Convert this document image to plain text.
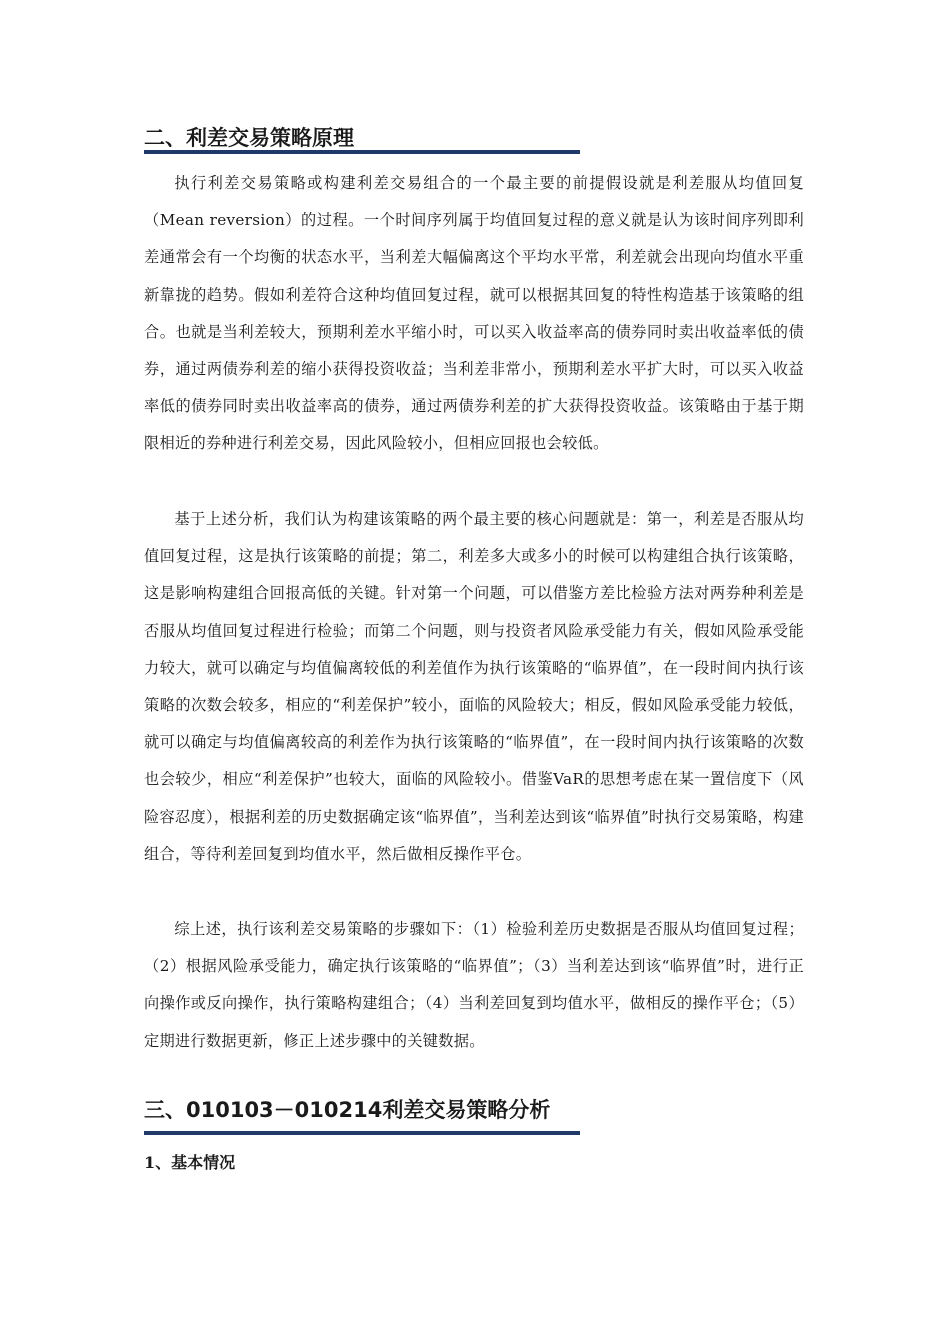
二、利差交易策略原理

执行利差交易策略或构建利差交易组合的一个最主要的前提假设就是利差服从均值回复（Mean reversion）的过程。一个时间序列属于均值回复过程的意义就是认为该时间序列即利差通常会有一个均衡的状态水平，当利差大幅偏离这个平均水平常，利差就会出现向均值水平重新靠拢的趋势。假如利差符合这种均值回复过程，就可以根据其回复的特性构造基于该策略的组合。也就是当利差较大，预期利差水平缩小时，可以买入收益率高的债券同时卖出收益率低的债券，通过两债券利差的缩小获得投资收益；当利差非常小，预期利差水平扩大时，可以买入收益率低的债券同时卖出收益率高的债券，通过两债券利差的扩大获得投资收益。该策略由于基于期限相近的券种进行利差交易，因此风险较小，但相应回报也会较低。

基于上述分析，我们认为构建该策略的两个最主要的核心问题就是：第一，利差是否服从均值回复过程，这是执行该策略的前提；第二，利差多大或多小的时候可以构建组合执行该策略，这是影响构建组合回报高低的关键。针对第一个问题，可以借鉴方差比检验方法对两券种利差是否服从均值回复过程进行检验；而第二个问题，则与投资者风险承受能力有关，假如风险承受能力较大，就可以确定与均值偏离较低的利差值作为执行该策略的“临界值”，在一段时间内执行该策略的次数会较多，相应的“利差保护”较小，面临的风险较大；相反，假如风险承受能力较低，就可以确定与均值偏离较高的利差作为执行该策略的“临界值”，在一段时间内执行该策略的次数也会较少，相应“利差保护”也较大，面临的风险较小。借鉴VaR的思想考虑在某一置信度下（风险容忍度），根据利差的历史数据确定该“临界值”，当利差达到该“临界值”时执行交易策略，构建组合，等待利差回复到均值水平，然后做相反操作平仓。

综上述，执行该利差交易策略的步骤如下：（1）检验利差历史数据是否服从均值回复过程；（2）根据风险承受能力，确定执行该策略的“临界值”；（3）当利差达到该“临界值”时，进行正向操作或反向操作，执行策略构建组合；（4）当利差回复到均值水平，做相反的操作平仓；（5）定期进行数据更新，修正上述步骤中的关键数据。

三、010103－010214利差交易策略分析
1、基本情况
